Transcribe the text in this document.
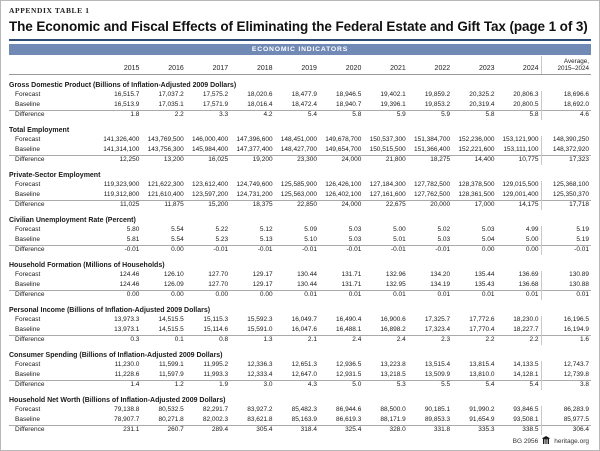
APPENDIX TABLE 1
The Economic and Fiscal Effects of Eliminating the Federal Estate and Gift Tax (page 1 of 3)
ECONOMIC INDICATORS
	2015	2016	2017	2018	2019	2020	2021	2022	2023	2024	Average,
2015–2024
Gross Domestic Product (Billions of Inflation-Adjusted 2009 Dollars)											
Forecast	16,515.7	17,037.2	17,575.2	18,020.6	18,477.9	18,946.5	19,402.1	19,859.2	20,325.2	20,806.3	18,696.6
Baseline	16,513.9	17,035.1	17,571.9	18,016.4	18,472.4	18,940.7	19,396.1	19,853.2	20,319.4	20,800.5	18,692.0
Difference	1.8	2.2	3.3	4.2	5.4	5.8	5.9	5.9	5.8	5.8	4.6
Total Employment											
Forecast	141,326,400	143,769,500	146,000,400	147,396,600	148,451,000	149,678,700	150,537,300	151,384,700	152,236,000	153,121,900	148,390,250
Baseline	141,314,100	143,756,300	145,984,400	147,377,400	148,427,700	149,654,700	150,515,500	151,366,400	152,221,600	153,111,100	148,372,920
Difference	12,250	13,200	16,025	19,200	23,300	24,000	21,800	18,275	14,400	10,775	17,323
Private-Sector Employment											
Forecast	119,323,900	121,622,300	123,612,400	124,749,600	125,585,900	126,426,100	127,184,300	127,782,500	128,378,500	129,015,500	125,368,100
Baseline	119,312,800	121,610,400	123,597,200	124,731,200	125,563,000	126,402,100	127,161,600	127,762,500	128,361,500	129,001,400	125,350,370
Difference	11,025	11,875	15,200	18,375	22,850	24,000	22,675	20,000	17,000	14,175	17,718
Civilian Unemployment Rate (Percent)											
Forecast	5.80	5.54	5.22	5.12	5.09	5.03	5.00	5.02	5.03	4.99	5.19
Baseline	5.81	5.54	5.23	5.13	5.10	5.03	5.01	5.03	5.04	5.00	5.19
Difference	-0.01	0.00	-0.01	-0.01	-0.01	-0.01	-0.01	-0.01	0.00	0.00	-0.01
Household Formation (Millions of Households)											
Forecast	124.46	126.10	127.70	129.17	130.44	131.71	132.96	134.20	135.44	136.69	130.89
Baseline	124.46	126.09	127.70	129.17	130.44	131.71	132.95	134.19	135.43	136.68	130.88
Difference	0.00	0.00	0.00	0.00	0.01	0.01	0.01	0.01	0.01	0.01	0.01
Personal Income (Billions of Inflation-Adjusted 2009 Dollars)											
Forecast	13,973.3	14,515.5	15,115.3	15,592.3	16,049.7	16,490.4	16,900.6	17,325.7	17,772.6	18,230.0	16,196.5
Baseline	13,973.1	14,515.5	15,114.6	15,591.0	16,047.6	16,488.1	16,898.2	17,323.4	17,770.4	18,227.7	16,194.9
Difference	0.3	0.1	0.8	1.3	2.1	2.4	2.4	2.3	2.2	2.2	1.6
Consumer Spending (Billions of Inflation-Adjusted 2009 Dollars)											
Forecast	11,230.0	11,599.1	11,995.2	12,336.3	12,651.3	12,936.5	13,223.8	13,515.4	13,815.4	14,133.5	12,743.7
Baseline	11,228.6	11,597.9	11,993.3	12,333.4	12,647.0	12,931.5	13,218.5	13,509.9	13,810.0	14,128.1	12,739.8
Difference	1.4	1.2	1.9	3.0	4.3	5.0	5.3	5.5	5.4	5.4	3.8
Household Net Worth (Billions of Inflation-Adjusted 2009 Dollars)											
Forecast	79,138.8	80,532.5	82,291.7	83,927.2	85,482.3	86,944.6	88,500.0	90,185.1	91,990.2	93,846.5	86,283.9
Baseline	78,907.7	80,271.8	82,002.3	83,621.8	85,163.9	86,619.3	88,171.9	89,853.3	91,654.9	93,508.1	85,977.5
Difference	231.1	260.7	289.4	305.4	318.4	325.4	328.0	331.8	335.3	338.5	306.4
BG 2956 heritage.org
